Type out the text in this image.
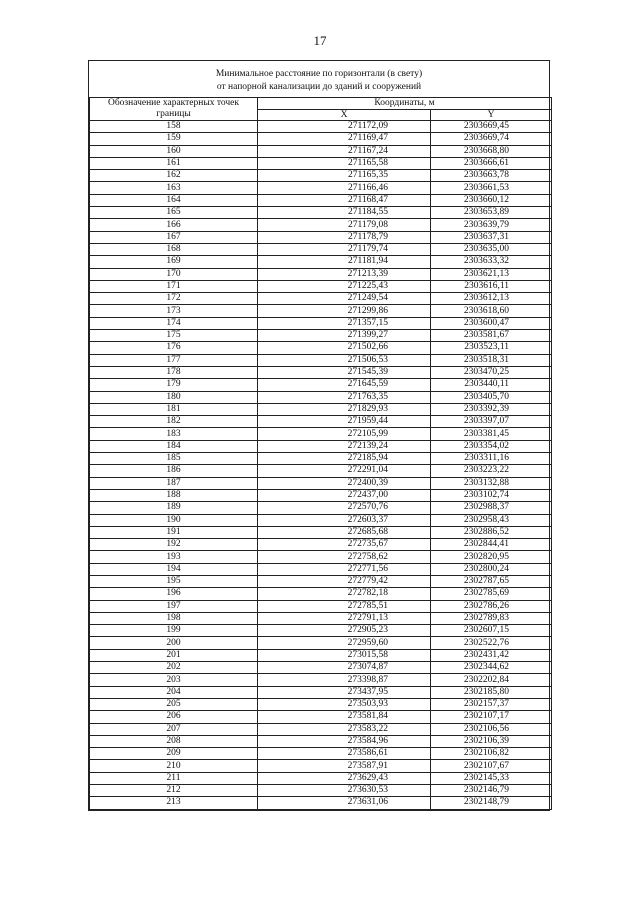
17
Минимальное расстояние по горизонтали (в свету)
от напорной канализации до зданий и сооружений
Обозначение характерных точек границы	Координаты, м	
	X	Y
158	271172,09	2303669,45
159	271169,47	2303669,74
160	271167,24	2303668,80
161	271165,58	2303666,61
162	271165,35	2303663,78
163	271166,46	2303661,53
164	271168,47	2303660,12
165	271184,55	2303653,89
166	271179,08	2303639,79
167	271178,79	2303637,31
168	271179,74	2303635,00
169	271181,94	2303633,32
170	271213,39	2303621,13
171	271225,43	2303616,11
172	271249,54	2303612,13
173	271299,86	2303618,60
174	271357,15	2303600,47
175	271399,27	2303581,67
176	271502,66	2303523,11
177	271506,53	2303518,31
178	271545,39	2303470,25
179	271645,59	2303440,11
180	271763,35	2303405,70
181	271829,93	2303392,39
182	271959,44	2303397,07
183	272105,99	2303381,45
184	272139,24	2303354,02
185	272185,94	2303311,16
186	272291,04	2303223,22
187	272400,39	2303132,88
188	272437,00	2303102,74
189	272570,76	2302988,37
190	272603,37	2302958,43
191	272685,68	2302886,52
192	272735,67	2302844,41
193	272758,62	2302820,95
194	272771,56	2302800,24
195	272779,42	2302787,65
196	272782,18	2302785,69
197	272785,51	2302786,26
198	272791,13	2302789,83
199	272905,23	2302607,15
200	272959,60	2302522,76
201	273015,58	2302431,42
202	273074,87	2302344,62
203	273398,87	2302202,84
204	273437,95	2302185,80
205	273503,93	2302157,37
206	273581,84	2302107,17
207	273583,22	2302106,56
208	273584,96	2302106,39
209	273586,61	2302106,82
210	273587,91	2302107,67
211	273629,43	2302145,33
212	273630,53	2302146,79
213	273631,06	2302148,79
